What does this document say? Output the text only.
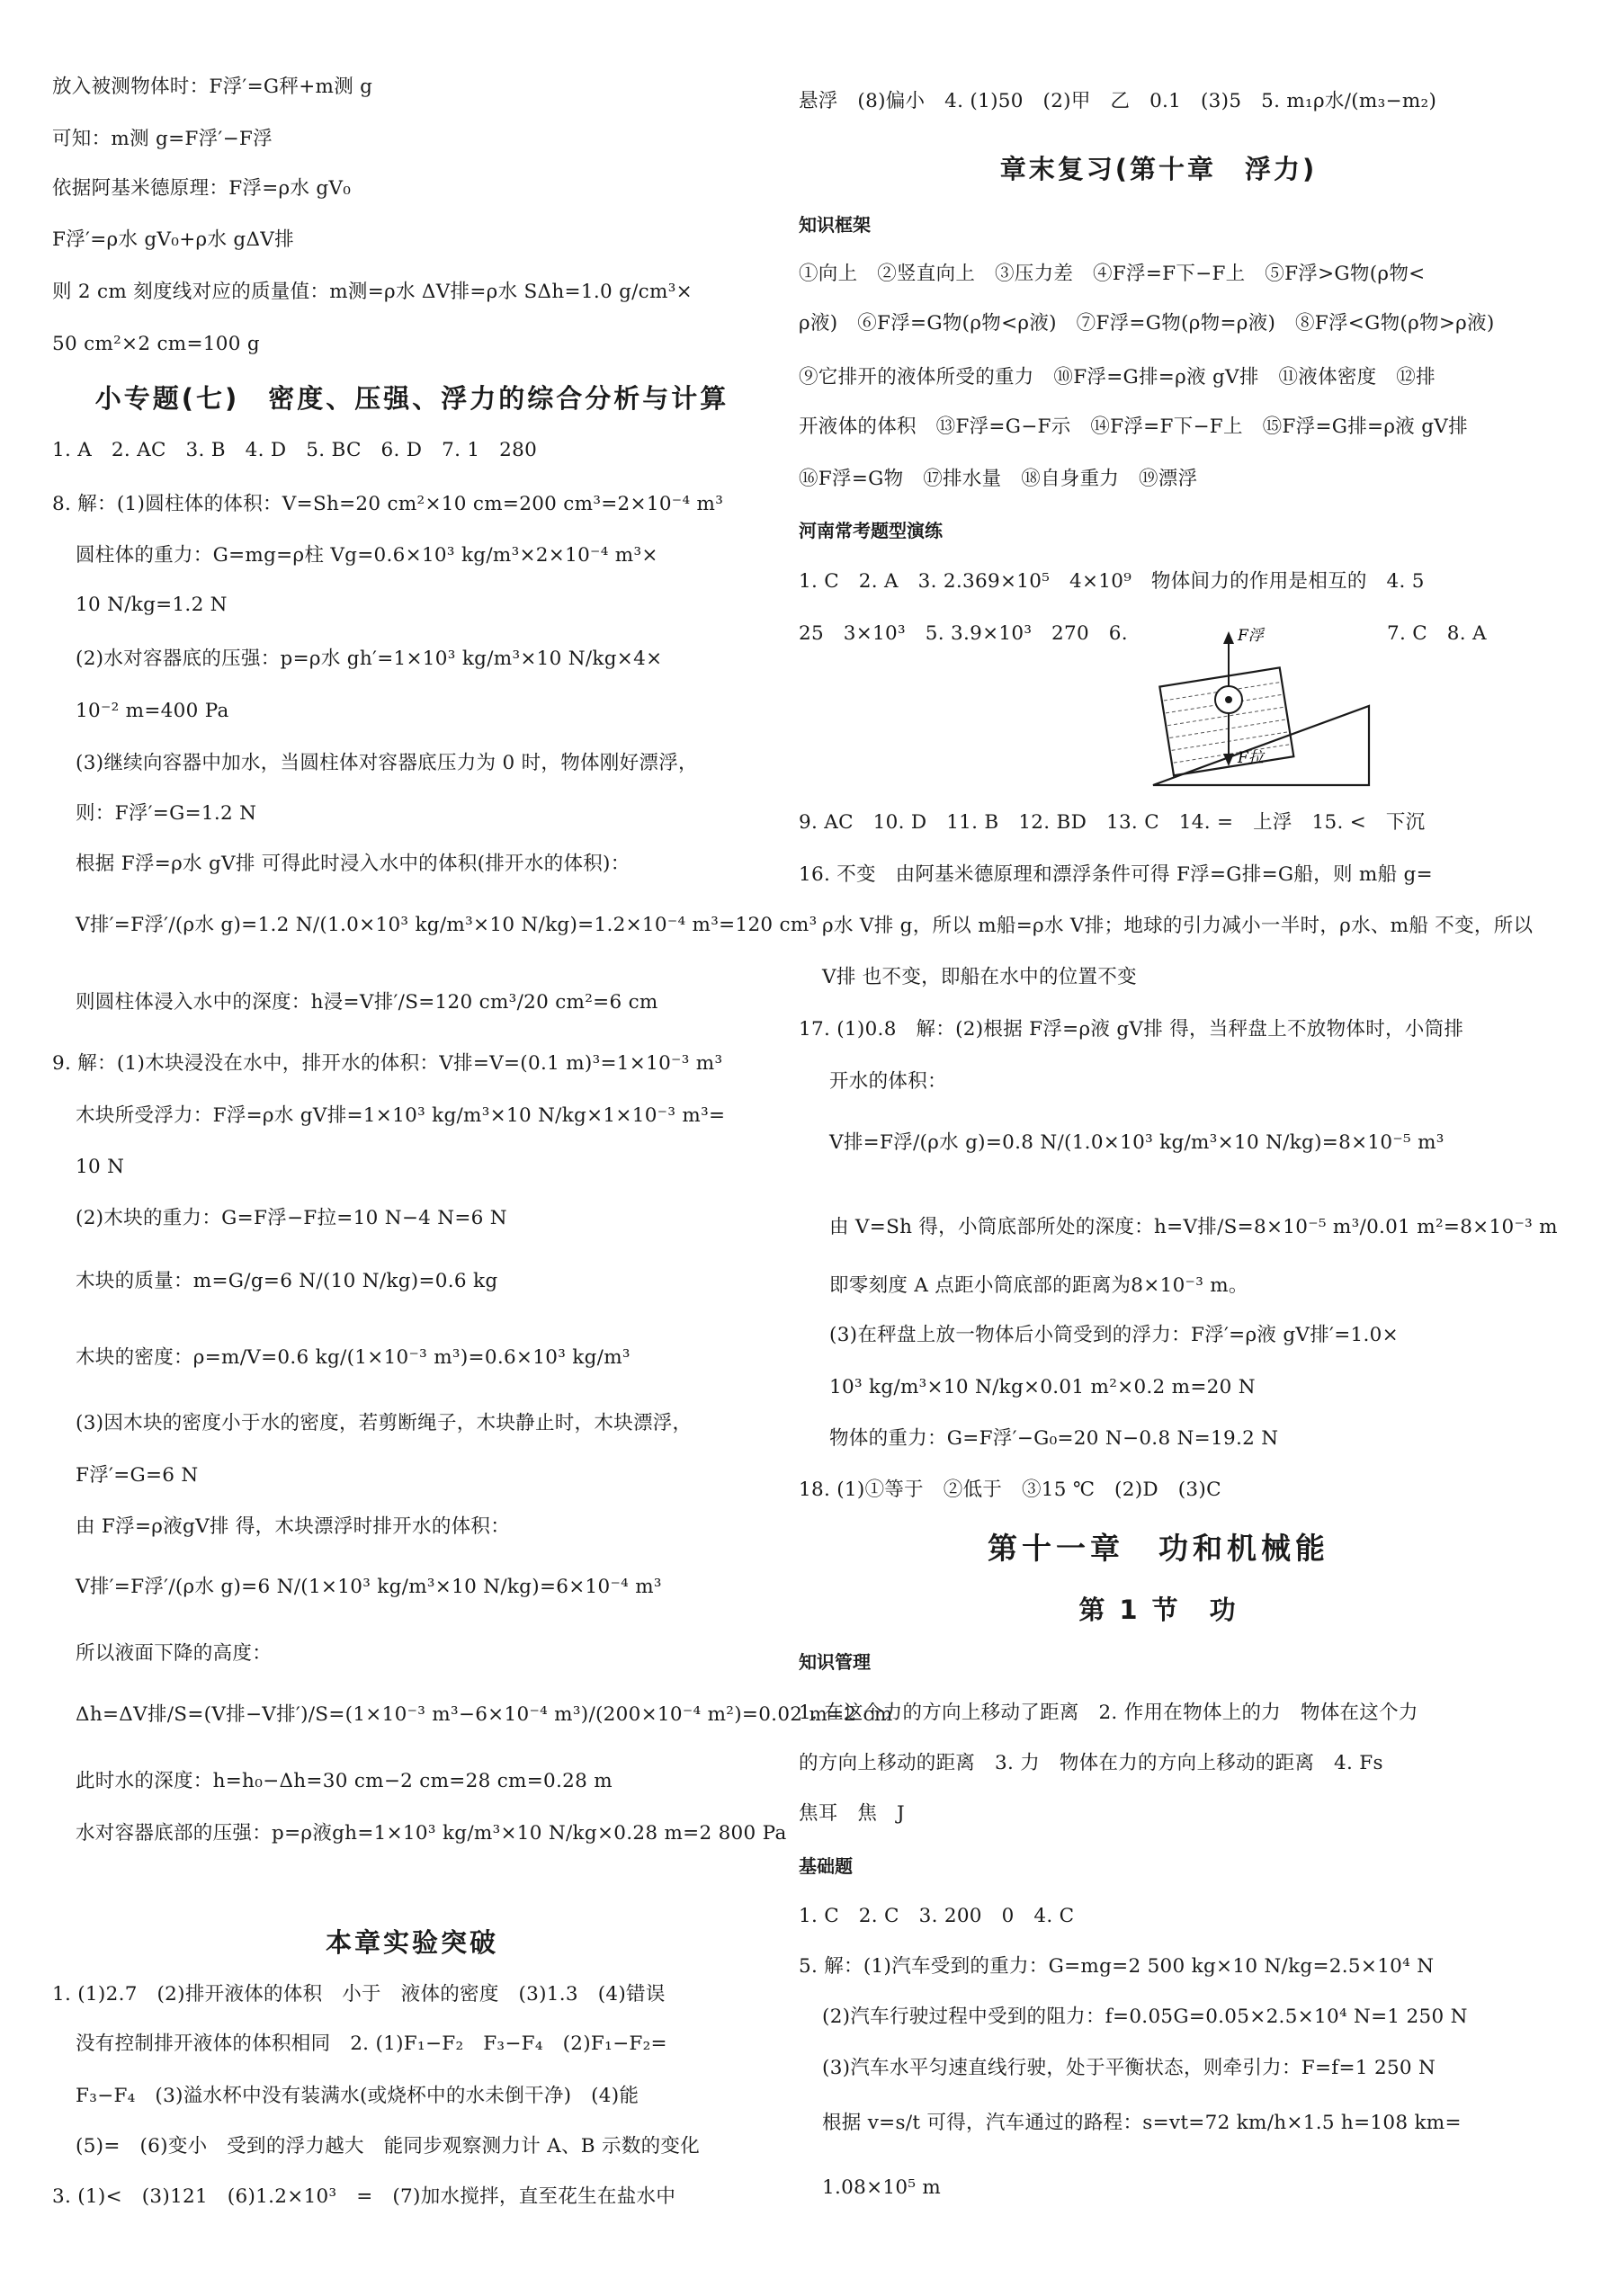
放入被测物体时：F浮′=G秤+m测 g
可知：m测 g=F浮′−F浮
依据阿基米德原理：F浮=ρ水 gV₀
F浮′=ρ水 gV₀+ρ水 gΔV排
则 2 cm 刻度线对应的质量值：m测=ρ水 ΔV排=ρ水 SΔh=1.0 g/cm³×
50 cm²×2 cm=100 g
小专题(七)　密度、压强、浮力的综合分析与计算
1. A　2. AC　3. B　4. D　5. BC　6. D　7. 1　280
8. 解：(1)圆柱体的体积：V=Sh=20 cm²×10 cm=200 cm³=2×10⁻⁴ m³
圆柱体的重力：G=mg=ρ柱 Vg=0.6×10³ kg/m³×2×10⁻⁴ m³×
10 N/kg=1.2 N
(2)水对容器底的压强：p=ρ水 gh′=1×10³ kg/m³×10 N/kg×4×
10⁻² m=400 Pa
(3)继续向容器中加水，当圆柱体对容器底压力为 0 时，物体刚好漂浮，
则：F浮′=G=1.2 N
根据 F浮=ρ水 gV排 可得此时浸入水中的体积(排开水的体积)：
V排′=F浮′/(ρ水 g)=1.2 N/(1.0×10³ kg/m³×10 N/kg)=1.2×10⁻⁴ m³=120 cm³
则圆柱体浸入水中的深度：h浸=V排′/S=120 cm³/20 cm²=6 cm
9. 解：(1)木块浸没在水中，排开水的体积：V排=V=(0.1 m)³=1×10⁻³ m³
木块所受浮力：F浮=ρ水 gV排=1×10³ kg/m³×10 N/kg×1×10⁻³ m³=
10 N
(2)木块的重力：G=F浮−F拉=10 N−4 N=6 N
木块的质量：m=G/g=6 N/(10 N/kg)=0.6 kg
木块的密度：ρ=m/V=0.6 kg/(1×10⁻³ m³)=0.6×10³ kg/m³
(3)因木块的密度小于水的密度，若剪断绳子，木块静止时，木块漂浮，
F浮′=G=6 N
由 F浮=ρ液gV排 得，木块漂浮时排开水的体积：
V排′=F浮′/(ρ水 g)=6 N/(1×10³ kg/m³×10 N/kg)=6×10⁻⁴ m³
所以液面下降的高度：
Δh=ΔV排/S=(V排−V排′)/S=(1×10⁻³ m³−6×10⁻⁴ m³)/(200×10⁻⁴ m²)=0.02 m=2 cm
此时水的深度：h=h₀−Δh=30 cm−2 cm=28 cm=0.28 m
水对容器底部的压强：p=ρ液gh=1×10³ kg/m³×10 N/kg×0.28 m=2 800 Pa
本章实验突破
1. (1)2.7　(2)排开液体的体积　小于　液体的密度　(3)1.3　(4)错误
没有控制排开液体的体积相同　2. (1)F₁−F₂　F₃−F₄　(2)F₁−F₂=
F₃−F₄　(3)溢水杯中没有装满水(或烧杯中的水未倒干净)　(4)能
(5)=　(6)变小　受到的浮力越大　能同步观察测力计 A、B 示数的变化
3. (1)<　(3)121　(6)1.2×10³　=　(7)加水搅拌，直至花生在盐水中
悬浮　(8)偏小　4. (1)50　(2)甲　乙　0.1　(3)5　5. m₁ρ水/(m₃−m₂)
章末复习(第十章　浮力)
知识框架
①向上　②竖直向上　③压力差　④F浮=F下−F上　⑤F浮>G物(ρ物<
ρ液)　⑥F浮=G物(ρ物<ρ液)　⑦F浮=G物(ρ物=ρ液)　⑧F浮<G物(ρ物>ρ液)
⑨它排开的液体所受的重力　⑩F浮=G排=ρ液 gV排　⑪液体密度　⑫排
开液体的体积　⑬F浮=G−F示　⑭F浮=F下−F上　⑮F浮=G排=ρ液 gV排
⑯F浮=G物　⑰排水量　⑱自身重力　⑲漂浮
河南常考题型演练
1. C　2. A　3. 2.369×10⁵　4×10⁹　物体间力的作用是相互的　4. 5
25　3×10³　5. 3.9×10³　270　6.	7. C　8. A
F浮
F拉
9. AC　10. D　11. B　12. BD　13. C　14. =　上浮　15. <　下沉
16. 不变　由阿基米德原理和漂浮条件可得 F浮=G排=G船，则 m船 g=
ρ水 V排 g，所以 m船=ρ水 V排；地球的引力减小一半时，ρ水、m船 不变，所以
V排 也不变，即船在水中的位置不变
17. (1)0.8　解：(2)根据 F浮=ρ液 gV排 得，当秤盘上不放物体时，小筒排
开水的体积：
V排=F浮/(ρ水 g)=0.8 N/(1.0×10³ kg/m³×10 N/kg)=8×10⁻⁵ m³
由 V=Sh 得，小筒底部所处的深度：h=V排/S=8×10⁻⁵ m³/0.01 m²=8×10⁻³ m
即零刻度 A 点距小筒底部的距离为8×10⁻³ m。
(3)在秤盘上放一物体后小筒受到的浮力：F浮′=ρ液 gV排′=1.0×
10³ kg/m³×10 N/kg×0.01 m²×0.2 m=20 N
物体的重力：G=F浮′−G₀=20 N−0.8 N=19.2 N
18. (1)①等于　②低于　③15 ℃　(2)D　(3)C
第十一章　功和机械能
第 1 节　功
知识管理
1. 在这个力的方向上移动了距离　2. 作用在物体上的力　物体在这个力
的方向上移动的距离　3. 力　物体在力的方向上移动的距离　4. Fs
焦耳　焦　J
基础题
1. C　2. C　3. 200　0　4. C
5. 解：(1)汽车受到的重力：G=mg=2 500 kg×10 N/kg=2.5×10⁴ N
(2)汽车行驶过程中受到的阻力：f=0.05G=0.05×2.5×10⁴ N=1 250 N
(3)汽车水平匀速直线行驶，处于平衡状态，则牵引力：F=f=1 250 N
根据 v=s/t 可得，汽车通过的路程：s=vt=72 km/h×1.5 h=108 km=
1.08×10⁵ m
